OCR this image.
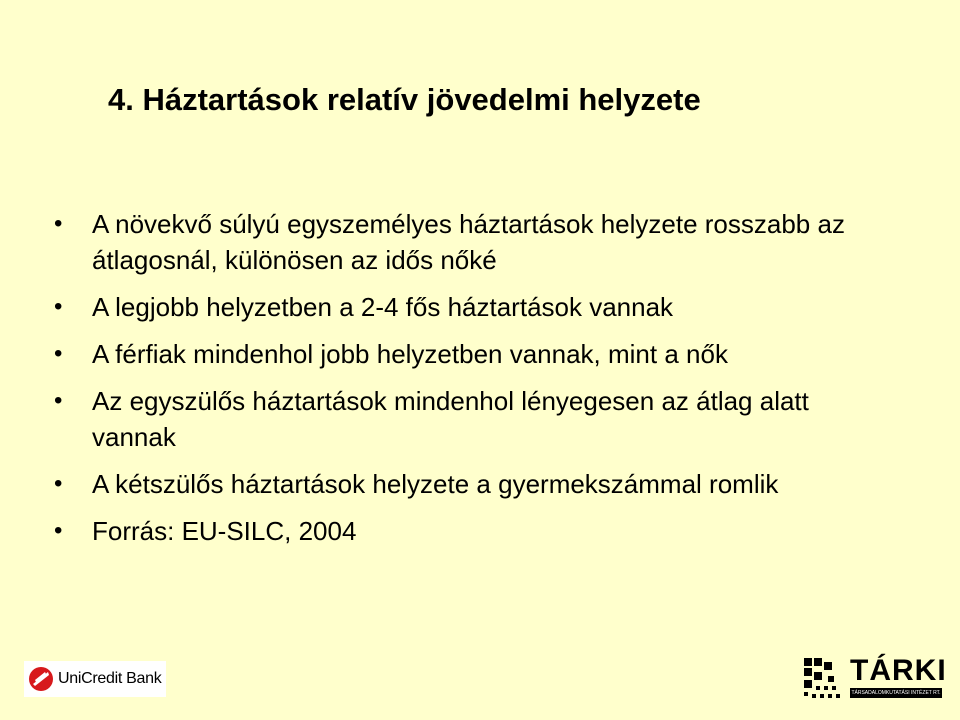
4. Háztartások relatív jövedelmi helyzete
• A növekvő súlyú egyszemélyes háztartások helyzete rosszabb az átlagosnál, különösen az idős nőké
• A legjobb helyzetben a 2-4 fős háztartások vannak
• A férfiak mindenhol jobb helyzetben vannak, mint a nők
• Az egyszülős háztartások mindenhol lényegesen az átlag alatt vannak
• A kétszülős háztartások helyzete a gyermekszámmal romlik
• Forrás: EU-SILC, 2004
UniCredit Bank	TÁRKI
TÁRSADALOMKUTATÁSI INTÉZET RT.
